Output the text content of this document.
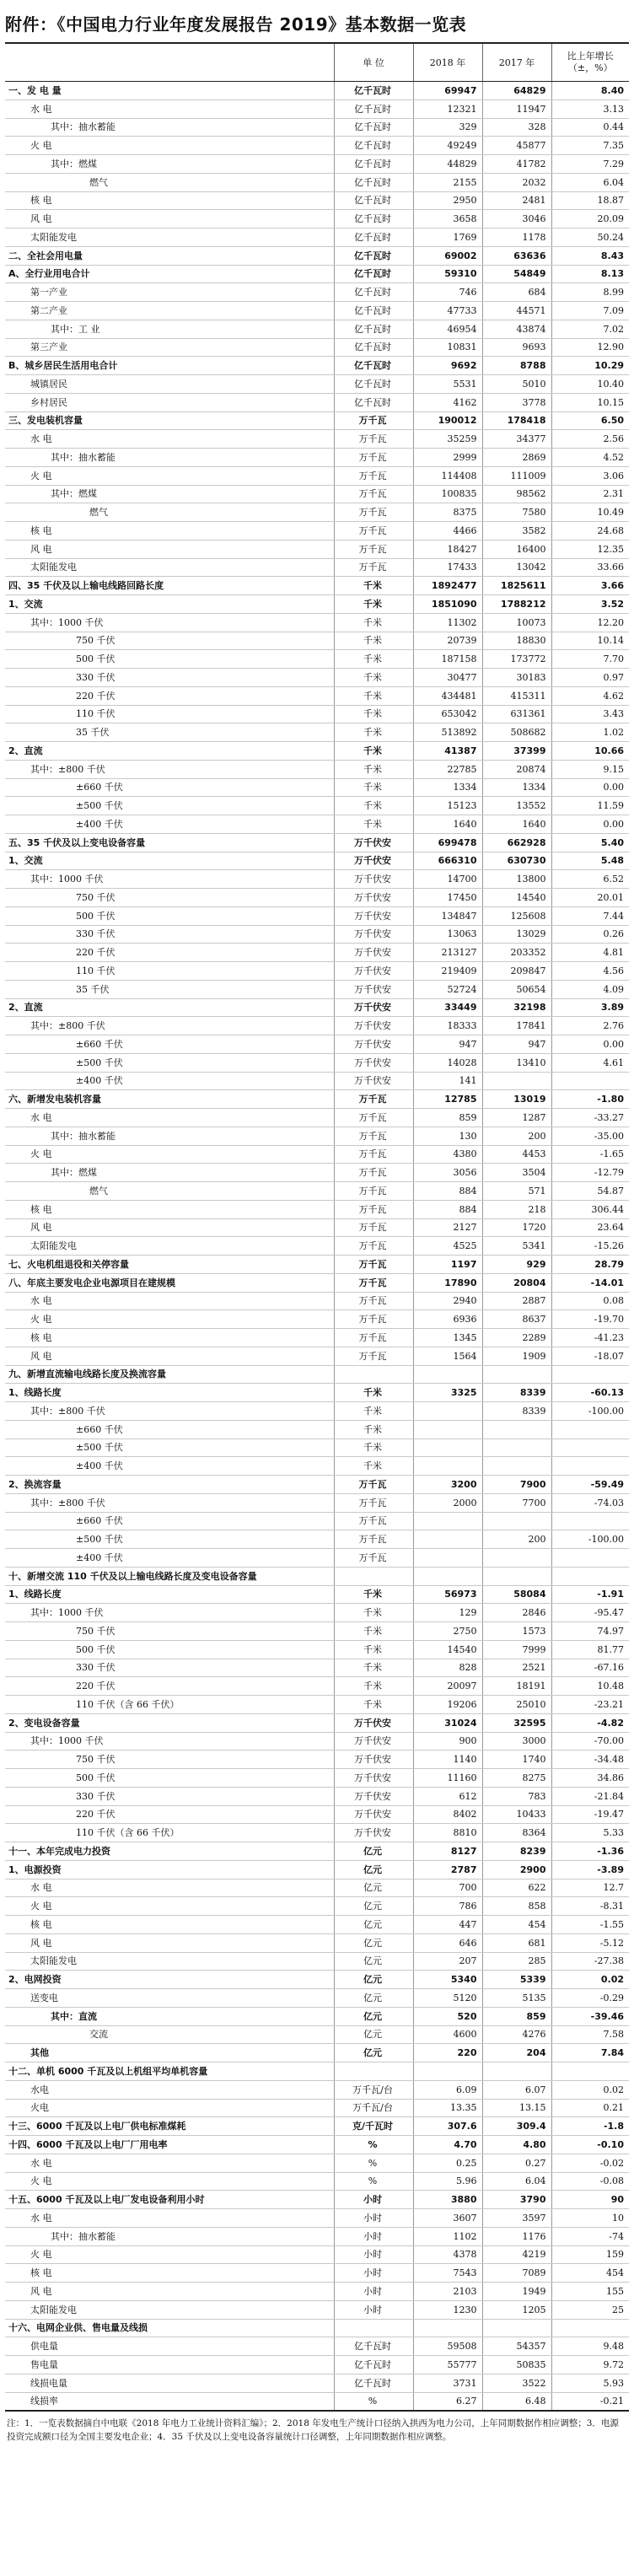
附件：《中国电力行业年度发展报告 2019》基本数据一览表
	单 位	2018 年	2017 年	比上年增长
（±，%）
一、发 电 量	亿千瓦时	69947	64829	8.40
水 电	亿千瓦时	12321	11947	3.13
其中：抽水蓄能	亿千瓦时	329	328	0.44
火 电	亿千瓦时	49249	45877	7.35
其中：燃煤	亿千瓦时	44829	41782	7.29
燃气	亿千瓦时	2155	2032	6.04
核 电	亿千瓦时	2950	2481	18.87
风 电	亿千瓦时	3658	3046	20.09
太阳能发电	亿千瓦时	1769	1178	50.24
二、全社会用电量	亿千瓦时	69002	63636	8.43
A、全行业用电合计	亿千瓦时	59310	54849	8.13
第一产业	亿千瓦时	746	684	8.99
第二产业	亿千瓦时	47733	44571	7.09
其中：工 业	亿千瓦时	46954	43874	7.02
第三产业	亿千瓦时	10831	9693	12.90
B、城乡居民生活用电合计	亿千瓦时	9692	8788	10.29
城镇居民	亿千瓦时	5531	5010	10.40
乡村居民	亿千瓦时	4162	3778	10.15
三、发电装机容量	万千瓦	190012	178418	6.50
水 电	万千瓦	35259	34377	2.56
其中：抽水蓄能	万千瓦	2999	2869	4.52
火 电	万千瓦	114408	111009	3.06
其中：燃煤	万千瓦	100835	98562	2.31
燃气	万千瓦	8375	7580	10.49
核 电	万千瓦	4466	3582	24.68
风 电	万千瓦	18427	16400	12.35
太阳能发电	万千瓦	17433	13042	33.66
四、35 千伏及以上输电线路回路长度	千米	1892477	1825611	3.66
1、交流	千米	1851090	1788212	3.52
其中：1000 千伏	千米	11302	10073	12.20
750 千伏	千米	20739	18830	10.14
500 千伏	千米	187158	173772	7.70
330 千伏	千米	30477	30183	0.97
220 千伏	千米	434481	415311	4.62
110 千伏	千米	653042	631361	3.43
35 千伏	千米	513892	508682	1.02
2、直流	千米	41387	37399	10.66
其中：±800 千伏	千米	22785	20874	9.15
±660 千伏	千米	1334	1334	0.00
±500 千伏	千米	15123	13552	11.59
±400 千伏	千米	1640	1640	0.00
五、35 千伏及以上变电设备容量	万千伏安	699478	662928	5.40
1、交流	万千伏安	666310	630730	5.48
其中：1000 千伏	万千伏安	14700	13800	6.52
750 千伏	万千伏安	17450	14540	20.01
500 千伏	万千伏安	134847	125608	7.44
330 千伏	万千伏安	13063	13029	0.26
220 千伏	万千伏安	213127	203352	4.81
110 千伏	万千伏安	219409	209847	4.56
35 千伏	万千伏安	52724	50654	4.09
2、直流	万千伏安	33449	32198	3.89
其中：±800 千伏	万千伏安	18333	17841	2.76
±660 千伏	万千伏安	947	947	0.00
±500 千伏	万千伏安	14028	13410	4.61
±400 千伏	万千伏安	141		
六、新增发电装机容量	万千瓦	12785	13019	-1.80
水 电	万千瓦	859	1287	-33.27
其中：抽水蓄能	万千瓦	130	200	-35.00
火 电	万千瓦	4380	4453	-1.65
其中：燃煤	万千瓦	3056	3504	-12.79
燃气	万千瓦	884	571	54.87
核 电	万千瓦	884	218	306.44
风 电	万千瓦	2127	1720	23.64
太阳能发电	万千瓦	4525	5341	-15.26
七、火电机组退役和关停容量	万千瓦	1197	929	28.79
八、年底主要发电企业电源项目在建规模	万千瓦	17890	20804	-14.01
水 电	万千瓦	2940	2887	0.08
火 电	万千瓦	6936	8637	-19.70
核 电	万千瓦	1345	2289	-41.23
风 电	万千瓦	1564	1909	-18.07
九、新增直流输电线路长度及换流容量				
1、线路长度	千米	3325	8339	-60.13
其中：±800 千伏	千米		8339	-100.00
±660 千伏	千米			
±500 千伏	千米			
±400 千伏	千米			
2、换流容量	万千瓦	3200	7900	-59.49
其中：±800 千伏	万千瓦	2000	7700	-74.03
±660 千伏	万千瓦			
±500 千伏	万千瓦		200	-100.00
±400 千伏	万千瓦			
十、新增交流 110 千伏及以上输电线路长度及变电设备容量				
1、线路长度	千米	56973	58084	-1.91
其中：1000 千伏	千米	129	2846	-95.47
750 千伏	千米	2750	1573	74.97
500 千伏	千米	14540	7999	81.77
330 千伏	千米	828	2521	-67.16
220 千伏	千米	20097	18191	10.48
110 千伏（含 66 千伏）	千米	19206	25010	-23.21
2、变电设备容量	万千伏安	31024	32595	-4.82
其中：1000 千伏	万千伏安	900	3000	-70.00
750 千伏	万千伏安	1140	1740	-34.48
500 千伏	万千伏安	11160	8275	34.86
330 千伏	万千伏安	612	783	-21.84
220 千伏	万千伏安	8402	10433	-19.47
110 千伏（含 66 千伏）	万千伏安	8810	8364	5.33
十一、本年完成电力投资	亿元	8127	8239	-1.36
1、电源投资	亿元	2787	2900	-3.89
水 电	亿元	700	622	12.7
火 电	亿元	786	858	-8.31
核 电	亿元	447	454	-1.55
风 电	亿元	646	681	-5.12
太阳能发电	亿元	207	285	-27.38
2、电网投资	亿元	5340	5339	0.02
送变电	亿元	5120	5135	-0.29
其中：直流	亿元	520	859	-39.46
交流	亿元	4600	4276	7.58
其他	亿元	220	204	7.84
十二、单机 6000 千瓦及以上机组平均单机容量				
水电	万千瓦/台	6.09	6.07	0.02
火电	万千瓦/台	13.35	13.15	0.21
十三、6000 千瓦及以上电厂供电标准煤耗	克/千瓦时	307.6	309.4	-1.8
十四、6000 千瓦及以上电厂厂用电率	%	4.70	4.80	-0.10
水 电	%	0.25	0.27	-0.02
火 电	%	5.96	6.04	-0.08
十五、6000 千瓦及以上电厂发电设备利用小时	小时	3880	3790	90
水 电	小时	3607	3597	10
其中：抽水蓄能	小时	1102	1176	-74
火 电	小时	4378	4219	159
核 电	小时	7543	7089	454
风 电	小时	2103	1949	155
太阳能发电	小时	1230	1205	25
十六、电网企业供、售电量及线损				
供电量	亿千瓦时	59508	54357	9.48
售电量	亿千瓦时	55777	50835	9.72
线损电量	亿千瓦时	3731	3522	5.93
线损率	%	6.27	6.48	-0.21
注：1．一览表数据摘自中电联《2018 年电力工业统计资料汇编》；2．2018 年发电生产统计口径纳入拱西为电力公司，上年同期数据作相应调整；3．电源投资完成额口径为全国主要发电企业；4．35 千伏及以上变电设备容量统计口径调整，上年同期数据作相应调整。
